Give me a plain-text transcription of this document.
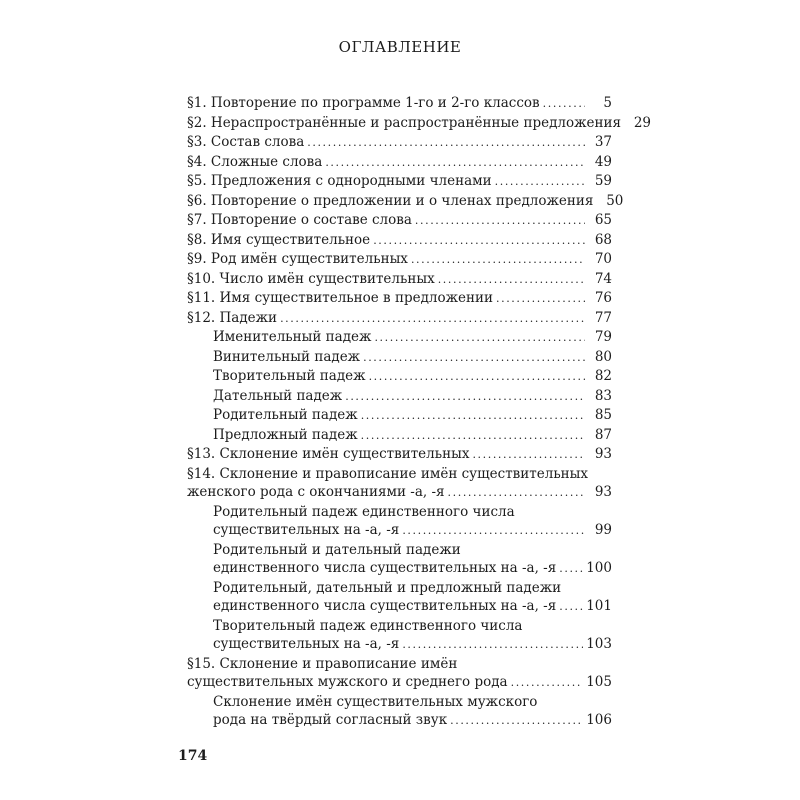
ОГЛАВЛЕНИЕ
§1. Повторение по программе 1-го и 2-го классов .....	5
§2. Нераспространённые и распространённые предложения 29
§3. Состав слова .....	37
§4. Сложные слова .....	49
§5. Предложения с однородными членами .....	59
§6. Повторение о предложении и о членах предложения 50
§7. Повторение о составе слова .....	65
§8. Имя существительное .....	68
§9. Род имён существительных .....	70
§10. Число имён существительных .....	74
§11. Имя существительное в предложении .....	76
§12. Падежи .....	77
Именительный падеж .....	79
Винительный падеж .....	80
Творительный падеж .....	82
Дательный падеж .....	83
Родительный падеж .....	85
Предложный падеж .....	87
§13. Склонение имён существительных .....	93
§14. Склонение и правописание имён существительных
женского рода с окончаниями -а, -я .....	93
Родительный падеж единственного числа
существительных на -а, -я .....	99
Родительный и дательный падежи
единственного числа существительных на -а, -я ..... 100
Родительный, дательный и предложный падежи
единственного числа существительных на -а, -я ..... 101
Творительный падеж единственного числа
существительных на -а, -я .....	103
§15. Склонение и правописание имён
существительных мужского и среднего рода .....	105
Склонение имён существительных мужского
рода на твёрдый согласный звук .....	106
174
